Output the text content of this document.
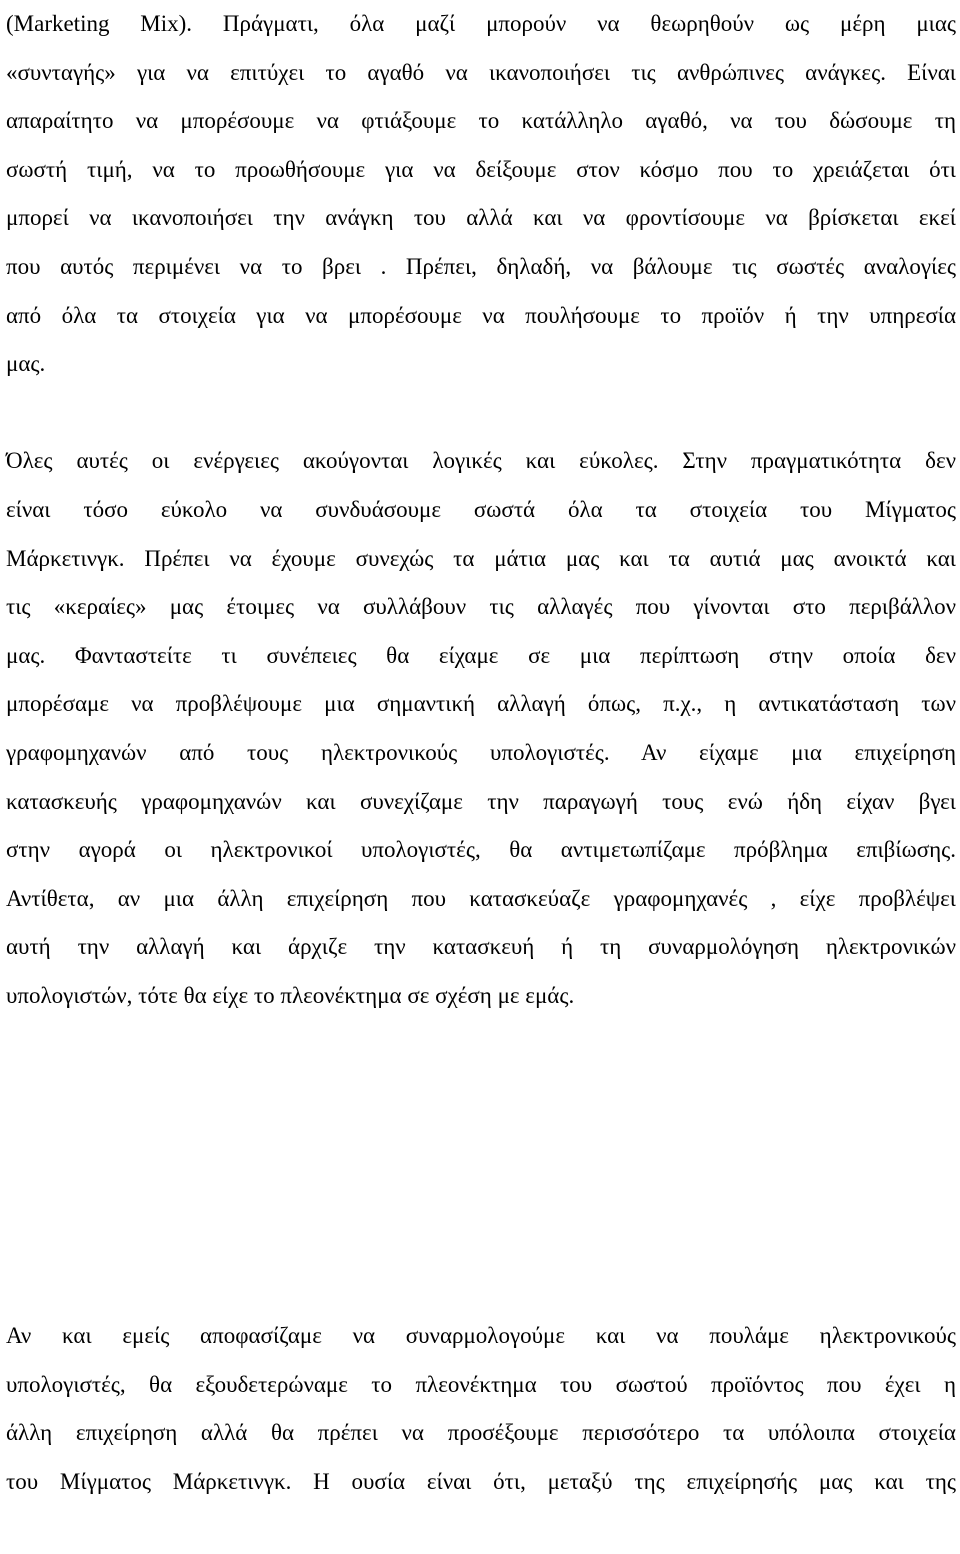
(Marketing Mix). Πράγματι, όλα μαζί μπορούν να θεωρηθούν ως μέρη μιας
«συνταγής» για να επιτύχει το αγαθό να ικανοποιήσει τις ανθρώπινες ανάγκες. Είναι
απαραίτητο να μπορέσουμε να φτιάξουμε το κατάλληλο αγαθό, να του δώσουμε τη
σωστή τιμή, να το προωθήσουμε για να δείξουμε στον κόσμο που το χρειάζεται ότι
μπορεί να ικανοποιήσει την ανάγκη του αλλά και να φροντίσουμε να βρίσκεται εκεί
που αυτός περιμένει να το βρει . Πρέπει, δηλαδή, να βάλουμε τις σωστές αναλογίες
από όλα τα στοιχεία για να μπορέσουμε να πουλήσουμε το προϊόν ή την υπηρεσία
μας.
Όλες αυτές οι ενέργειες ακούγονται λογικές και εύκολες. Στην πραγματικότητα δεν
είναι τόσο εύκολο να συνδυάσουμε σωστά όλα τα στοιχεία του Μίγματος
Μάρκετινγκ. Πρέπει να έχουμε συνεχώς τα μάτια μας και τα αυτιά μας ανοικτά και
τις «κεραίες» μας έτοιμες να συλλάβουν τις αλλαγές που γίνονται στο περιβάλλον
μας. Φανταστείτε τι συνέπειες θα είχαμε σε μια περίπτωση στην οποία δεν
μπορέσαμε να προβλέψουμε μια σημαντική αλλαγή όπως, π.χ., η αντικατάσταση των
γραφομηχανών από τους ηλεκτρονικούς υπολογιστές. Αν είχαμε μια επιχείρηση
κατασκευής γραφομηχανών και συνεχίζαμε την παραγωγή τους ενώ ήδη είχαν βγει
στην αγορά οι ηλεκτρονικοί υπολογιστές, θα αντιμετωπίζαμε πρόβλημα επιβίωσης.
Αντίθετα, αν μια άλλη επιχείρηση που κατασκεύαζε γραφομηχανές , είχε προβλέψει
αυτή την αλλαγή και άρχιζε την κατασκευή ή τη συναρμολόγηση ηλεκτρονικών
υπολογιστών, τότε θα είχε το πλεονέκτημα σε σχέση με εμάς.
Αν και εμείς αποφασίζαμε να συναρμολογούμε και να πουλάμε ηλεκτρονικούς
υπολογιστές, θα εξουδετερώναμε το πλεονέκτημα του σωστού προϊόντος που έχει η
άλλη επιχείρηση αλλά θα πρέπει να προσέξουμε περισσότερο τα υπόλοιπα στοιχεία
του Μίγματος Μάρκετινγκ. Η ουσία είναι ότι, μεταξύ της επιχείρησής μας και της
